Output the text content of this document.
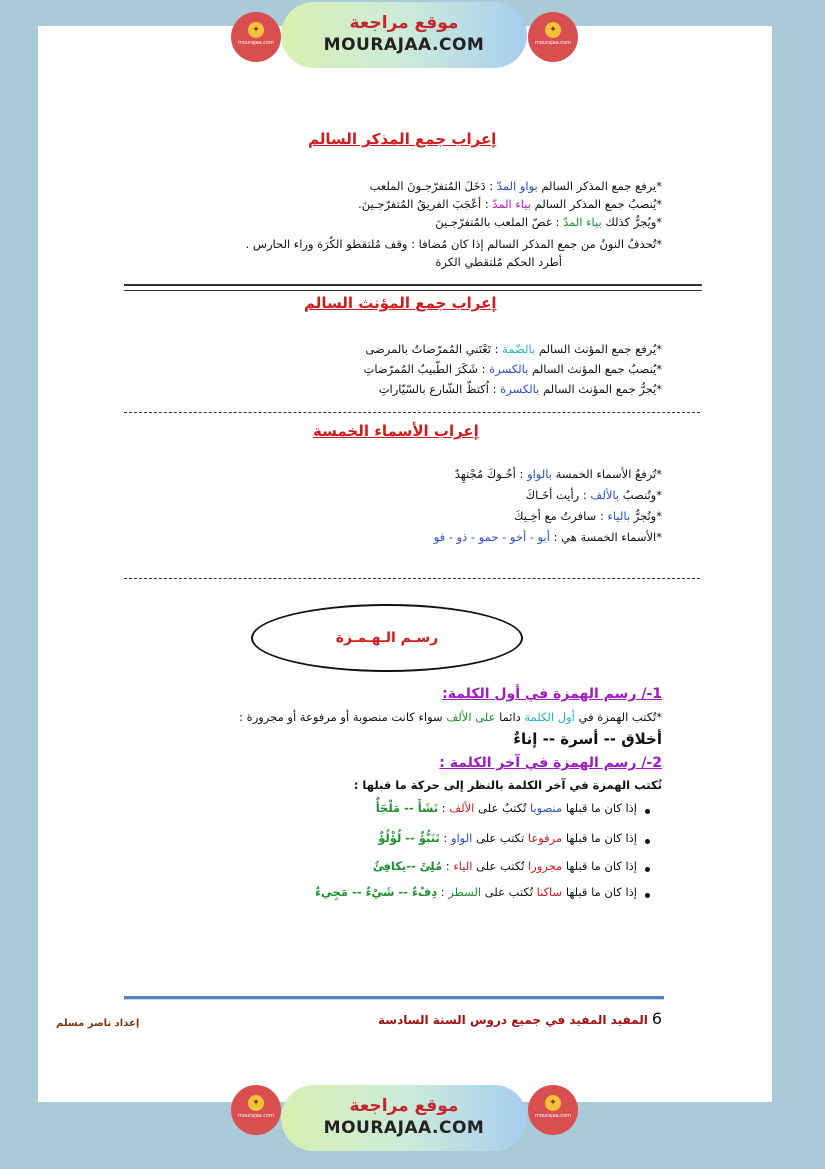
✦
mourajaa.com
موقع مراجعة
MOURAJAA.COM
✦
mourajaa.com
إعراب جمع المذكر السالم
*يرفع جمع المذكر السالم بواو المدّ : دَخَلَ المُتفرّجـونَ الملعب
*يُنصبُ جمع المذكر السالم بياء المدّ : أعْجَبَ الفريقُ المُتفرّجـينَ.
*ويُجرُّ كذلك بياء المدّ : غصّ الملعب بالمُتفرّجـينَ
*تُحذفُ النونُ من جمع المذكر السالم إذا كان مُضافا : وقف مُلتقطو الكُرَة وراء الحارس .
أطرد الحكم مُلتقطي الكرة
إعراب جمع المؤنث السالم
*يُرفع جمع المؤنث السالم بالضّمة : تَعْتَني المُمرّضاتُ بالمرضى
*يُنصبُ جمع المؤنث السالم بالكسرة : شَكَرَ الطّبيبُ المُمرّضاتِ
*يُجرُّ جمع المؤنث السالم بالكسرة : اُكتظّ الشّارع بالسّيّاراتِ
إعراب الأسماء الخمسة
*تُرفعُ الأسماء الخمسة بالواو : أخُـوكَ مُجْتهِدٌ
*وتُنصبُ بالألف : رأيت أخَـاكَ
*وتُجرُّ بالياء : سافرتُ مع أخِـيكَ
*الأسماء الخمسة هي : أبو - أخو - حمو - ذو - فو
رسـم الـهـمـزة
1-/ رسم الهمزة في أول الكلمة:
*تُكتب الهمزة في أول الكلمة دائما على الألف سواء كانت منصوبة أو مرفوعة أو مجرورة :
أخلاق -- أسرة -- إناءٌ
2-/ رسم الهمزة في آخر الكلمة :
تُكتب الهمزة في آخر الكلمة بالنظر إلى حركة ما قبلها :
إذا كان ما قبلها منصوبا تُكتبُ على الألف : نَشَأَ -- مَلْجَأٌ
إذا كان ما قبلها مرفوعا تكتب على الواو : تَنَبُّؤٌ -- لُؤْلُؤٌ
إذا كان ما قبلها مجرورا تُكتب على الياء : مُلِئَ --يكافِئُ
إذا كان ما قبلها ساكنا تُكتب على السطر : دِفْءٌ -- شَيْءٌ -- مَجِيءٌ
6المفيد المفيد في جميع دروس السنة السادسة
إعداد ناصر مسلم
✦
mourajaa.com	موقع مراجعة
MOURAJAA.COM
✦
mourajaa.com
